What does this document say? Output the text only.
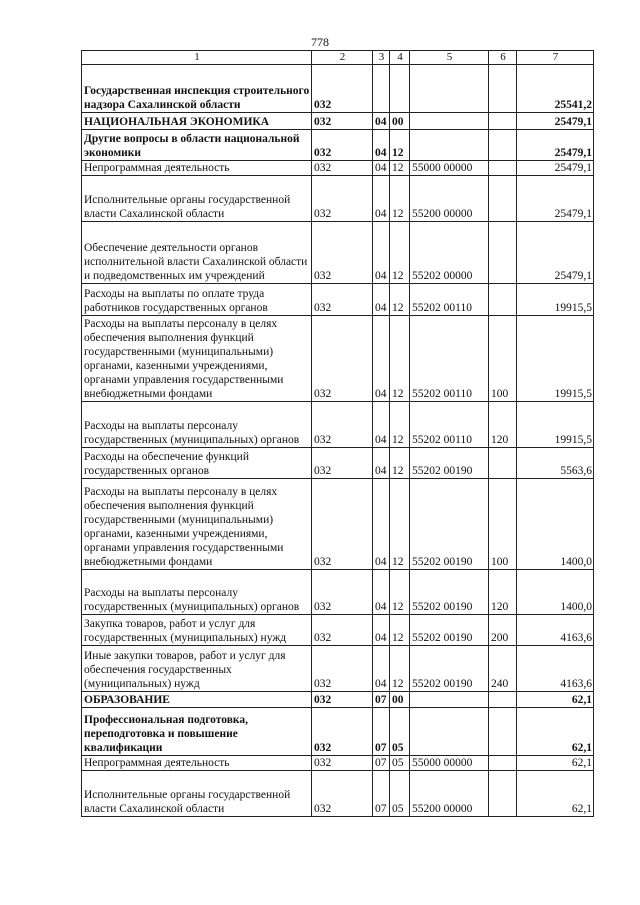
778
1	2	3	4	5	6	7
Государственная инспекция строительного надзора Сахалинской области	032					25541,2
НАЦИОНАЛЬНАЯ ЭКОНОМИКА	032	04	00			25479,1
Другие вопросы в области национальной экономики	032	04	12			25479,1
Непрограммная деятельность	032	04	12	55000 00000		25479,1
Исполнительные органы государственной власти Сахалинской области	032	04	12	55200 00000		25479,1
Обеспечение деятельности органов исполнительной власти Сахалинской области и подведомственных им учреждений	032	04	12	55202 00000		25479,1
Расходы на выплаты по оплате труда работников государственных органов	032	04	12	55202 00110		19915,5
Расходы на выплаты персоналу в целях обеспечения выполнения функций государственными (муниципальными) органами, казенными учреждениями, органами управления государственными внебюджетными фондами	032	04	12	55202 00110	100	19915,5
Расходы на выплаты персоналу государственных (муниципальных) органов	032	04	12	55202 00110	120	19915,5
Расходы на обеспечение функций государственных органов	032	04	12	55202 00190		5563,6
Расходы на выплаты персоналу в целях обеспечения выполнения функций государственными (муниципальными) органами, казенными учреждениями, органами управления государственными внебюджетными фондами	032	04	12	55202 00190	100	1400,0
Расходы на выплаты персоналу государственных (муниципальных) органов	032	04	12	55202 00190	120	1400,0
Закупка товаров, работ и услуг для государственных (муниципальных) нужд	032	04	12	55202 00190	200	4163,6
Иные закупки товаров, работ и услуг для обеспечения государственных (муниципальных) нужд	032	04	12	55202 00190	240	4163,6
ОБРАЗОВАНИЕ	032	07	00			62,1
Профессиональная подготовка, переподготовка и повышение квалификации	032	07	05			62,1
Непрограммная деятельность	032	07	05	55000 00000		62,1
Исполнительные органы государственной власти Сахалинской области	032	07	05	55200 00000		62,1
